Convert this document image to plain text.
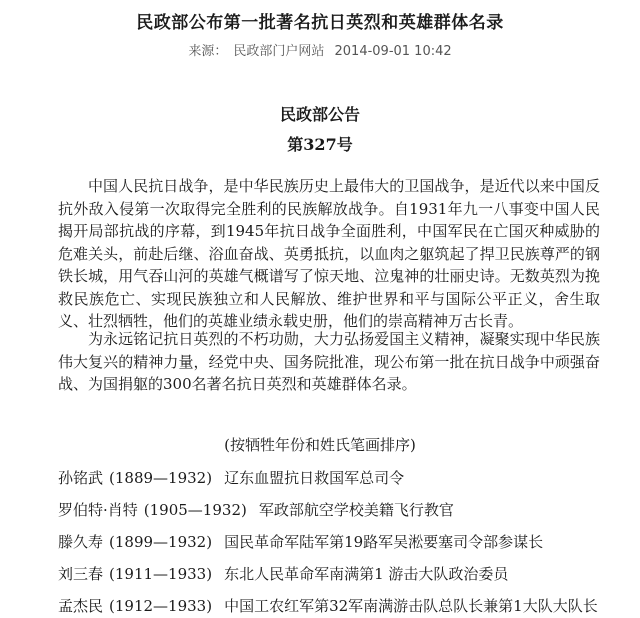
民政部公布第一批著名抗日英烈和英雄群体名录
来源： 民政部门户网站 2014-09-01 10:42
民政部公告
第327号

中国人民抗日战争，是中华民族历史上最伟大的卫国战争，是近代以来中国反抗外敌入侵第一次取得完全胜利的民族解放战争。自1931年九一八事变中国人民揭开局部抗战的序幕，到1945年抗日战争全面胜利，中国军民在亡国灭种威胁的危难关头，前赴后继、浴血奋战、英勇抵抗，以血肉之躯筑起了捍卫民族尊严的钢铁长城，用气吞山河的英雄气概谱写了惊天地、泣鬼神的壮丽史诗。无数英烈为挽救民族危亡、实现民族独立和人民解放、维护世界和平与国际公平正义，舍生取义、壮烈牺牲，他们的英雄业绩永载史册，他们的崇高精神万古长青。

为永远铭记抗日英烈的不朽功勋，大力弘扬爱国主义精神，凝聚实现中华民族伟大复兴的精神力量，经党中央、国务院批准，现公布第一批在抗日战争中顽强奋战、为国捐躯的300名著名抗日英烈和英雄群体名录。

(按牺牲年份和姓氏笔画排序)
孙铭武 (1889—1932) 辽东血盟抗日救国军总司令
罗伯特·肖特 (1905—1932) 军政部航空学校美籍飞行教官
滕久寿 (1899—1932) 国民革命军陆军第19路军吴淞要塞司令部参谋长
刘三春 (1911—1933) 东北人民革命军南满第1 游击大队政治委员
孟杰民 (1912—1933) 中国工农红军第32军南满游击队总队长兼第1大队大队长
